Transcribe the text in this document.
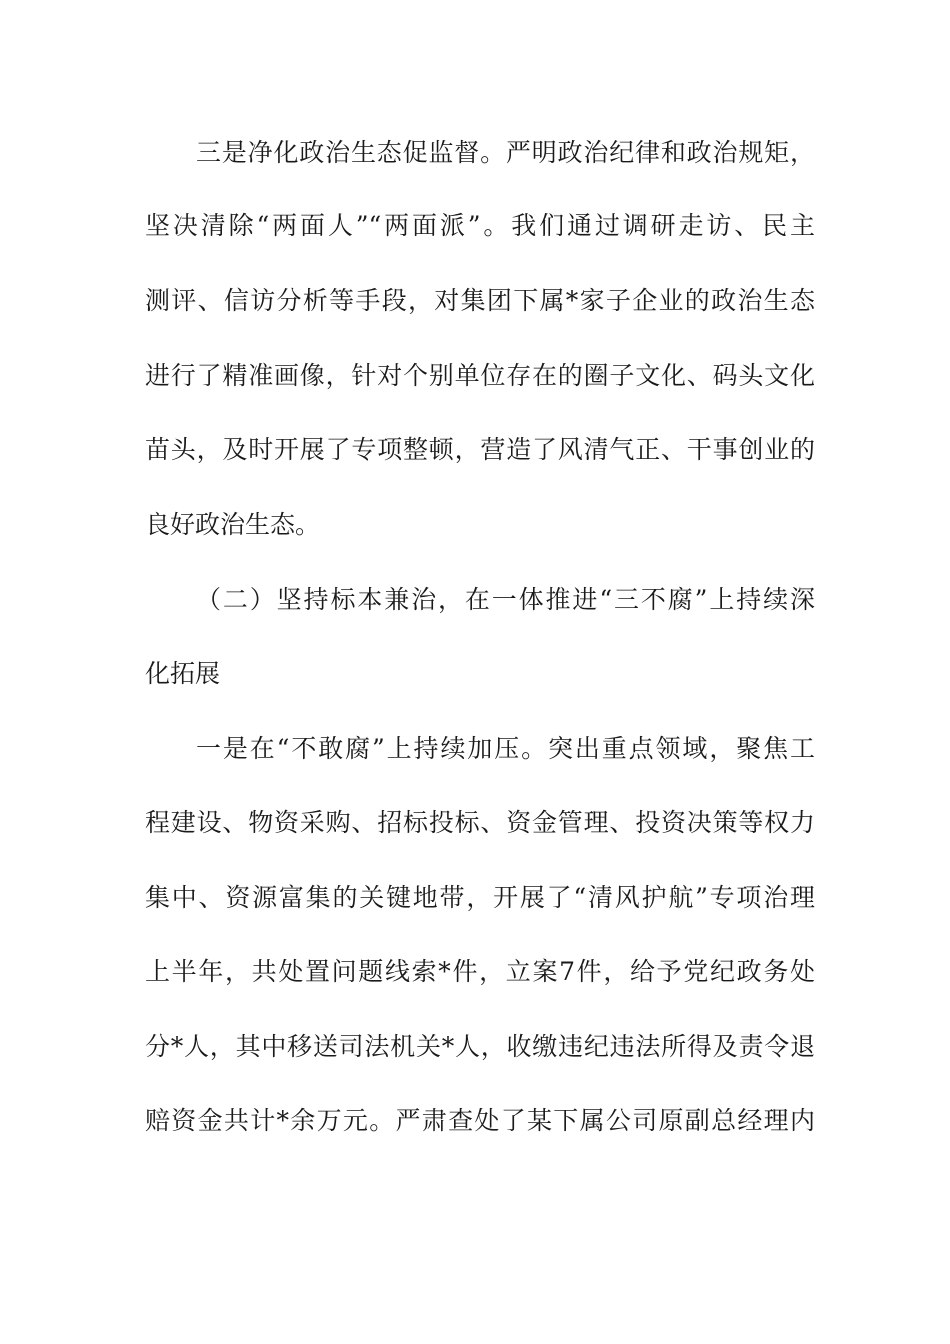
三是净化政治生态促监督。严明政治纪律和政治规矩，
坚决清除“两面人”“两面派”。我们通过调研走访、民主
测评、信访分析等手段，对集团下属*家子企业的政治生态
进行了精准画像，针对个别单位存在的圈子文化、码头文化
苗头，及时开展了专项整顿，营造了风清气正、干事创业的
良好政治生态。
（二）坚持标本兼治，在一体推进“三不腐”上持续深
化拓展
一是在“不敢腐”上持续加压。突出重点领域，聚焦工
程建设、物资采购、招标投标、资金管理、投资决策等权力
集中、资源富集的关键地带，开展了“清风护航”专项治理
上半年，共处置问题线索*件，立案7件，给予党纪政务处
分*人，其中移送司法机关*人，收缴违纪违法所得及责令退
赔资金共计*余万元。严肃查处了某下属公司原副总经理内
